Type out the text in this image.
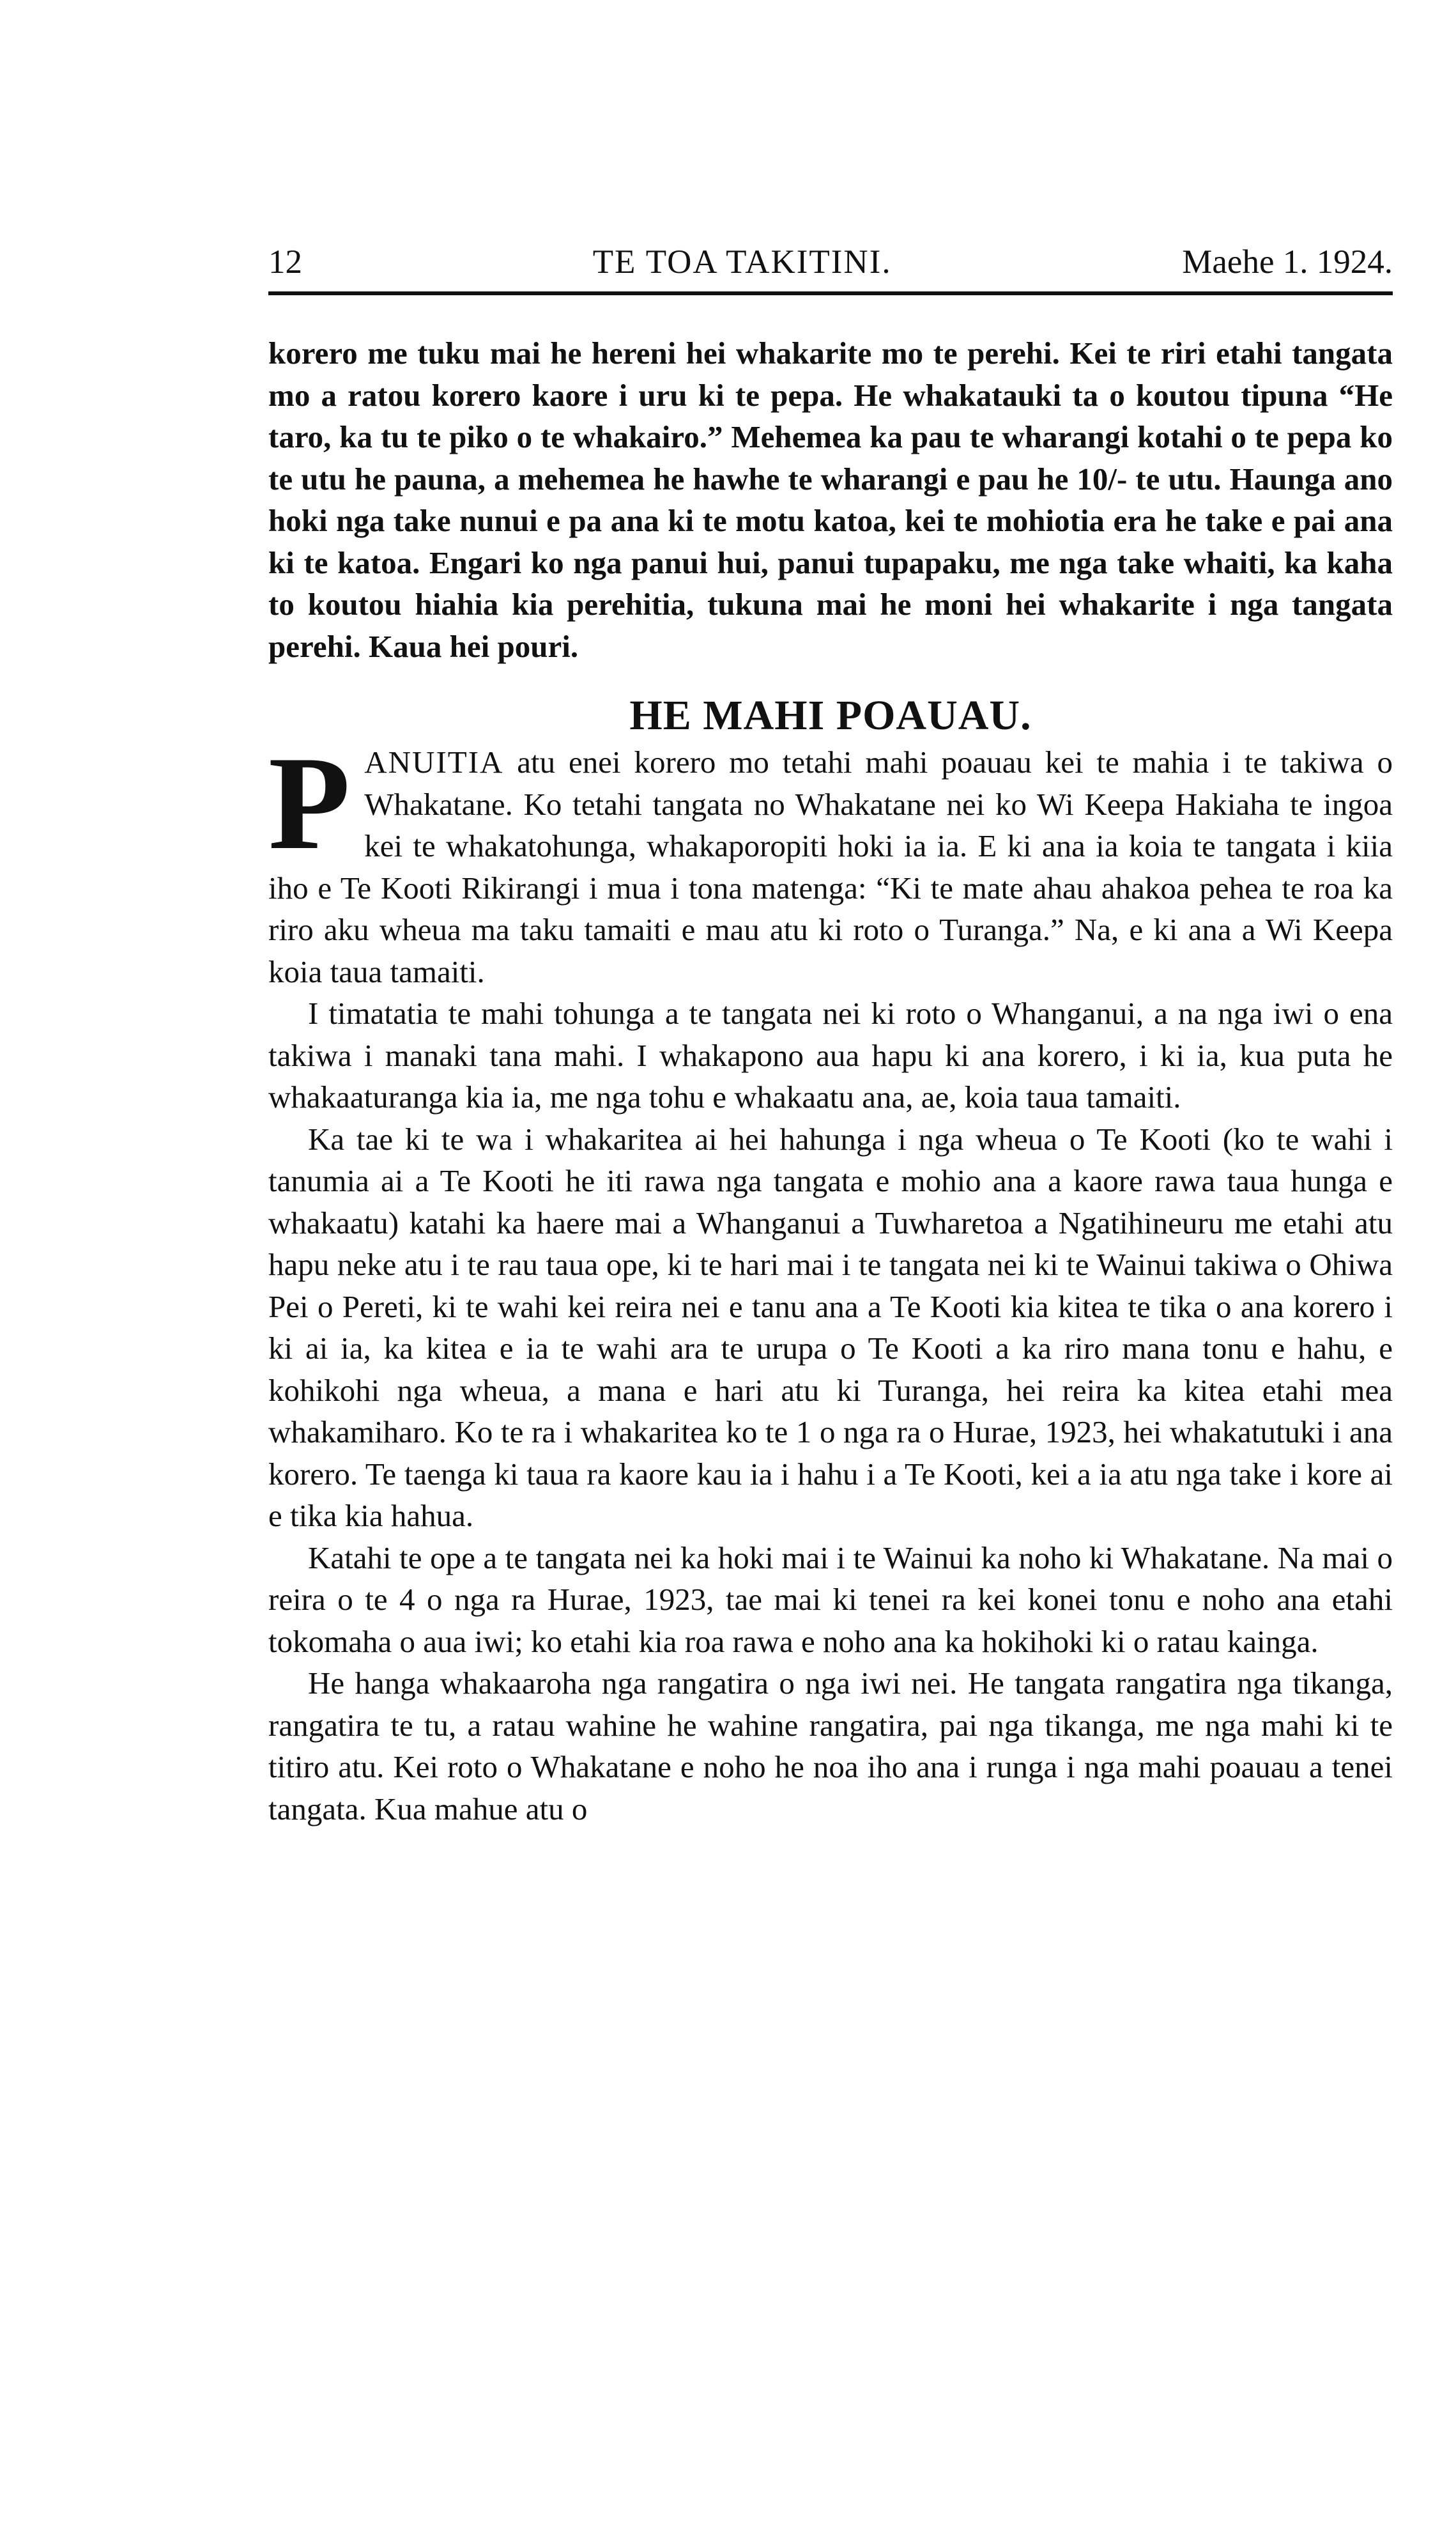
12	TE TOA TAKITINI.	Maehe 1. 1924.

korero me tuku mai he hereni hei whakarite mo te perehi. Kei te riri etahi tangata mo a ratou korero kaore i uru ki te pepa. He whakatauki ta o koutou tipuna “He taro, ka tu te piko o te whakairo.” Mehemea ka pau te wharangi kotahi o te pepa ko te utu he pauna, a mehemea he hawhe te wharangi e pau he 10/- te utu. Haunga ano hoki nga take nunui e pa ana ki te motu katoa, kei te mohiotia era he take e pai ana ki te katoa. Engari ko nga panui hui, panui tupapaku, me nga take whaiti, ka kaha to koutou hiahia kia perehitia, tukuna mai he moni hei whakarite i nga tangata perehi. Kaua hei pouri.

HE MAHI POAUAU.

PANUITIA atu enei korero mo tetahi mahi poauau kei te mahia i te takiwa o Whakatane. Ko tetahi tangata no Whakatane nei ko Wi Keepa Hakiaha te ingoa kei te whakatohunga, whakaporopiti hoki ia ia. E ki ana ia koia te tangata i kiia iho e Te Kooti Rikirangi i mua i tona matenga: “Ki te mate ahau ahakoa pehea te roa ka riro aku wheua ma taku tamaiti e mau atu ki roto o Turanga.” Na, e ki ana a Wi Keepa koia taua tamaiti.

I timatatia te mahi tohunga a te tangata nei ki roto o Whanganui, a na nga iwi o ena takiwa i manaki tana mahi. I whakapono aua hapu ki ana korero, i ki ia, kua puta he whakaaturanga kia ia, me nga tohu e whakaatu ana, ae, koia taua tamaiti.

Ka tae ki te wa i whakaritea ai hei hahunga i nga wheua o Te Kooti (ko te wahi i tanumia ai a Te Kooti he iti rawa nga tangata e mohio ana a kaore rawa taua hunga e whakaatu) katahi ka haere mai a Whanganui a Tuwharetoa a Ngatihineuru me etahi atu hapu neke atu i te rau taua ope, ki te hari mai i te tangata nei ki te Wainui takiwa o Ohiwa Pei o Pereti, ki te wahi kei reira nei e tanu ana a Te Kooti kia kitea te tika o ana korero i ki ai ia, ka kitea e ia te wahi ara te urupa o Te Kooti a ka riro mana tonu e hahu, e kohikohi nga wheua, a mana e hari atu ki Turanga, hei reira ka kitea etahi mea whakamiharo. Ko te ra i whakaritea ko te 1 o nga ra o Hurae, 1923, hei whakatutuki i ana korero. Te taenga ki taua ra kaore kau ia i hahu i a Te Kooti, kei a ia atu nga take i kore ai e tika kia hahua.

Katahi te ope a te tangata nei ka hoki mai i te Wainui ka noho ki Whakatane. Na mai o reira o te 4 o nga ra Hurae, 1923, tae mai ki tenei ra kei konei tonu e noho ana etahi tokomaha o aua iwi; ko etahi kia roa rawa e noho ana ka hokihoki ki o ratau kainga.

He hanga whakaaroha nga rangatira o nga iwi nei. He tangata rangatira nga tikanga, rangatira te tu, a ratau wahine he wahine rangatira, pai nga tikanga, me nga mahi ki te titiro atu. Kei roto o Whakatane e noho he noa iho ana i runga i nga mahi poauau a tenei tangata. Kua mahue atu o
